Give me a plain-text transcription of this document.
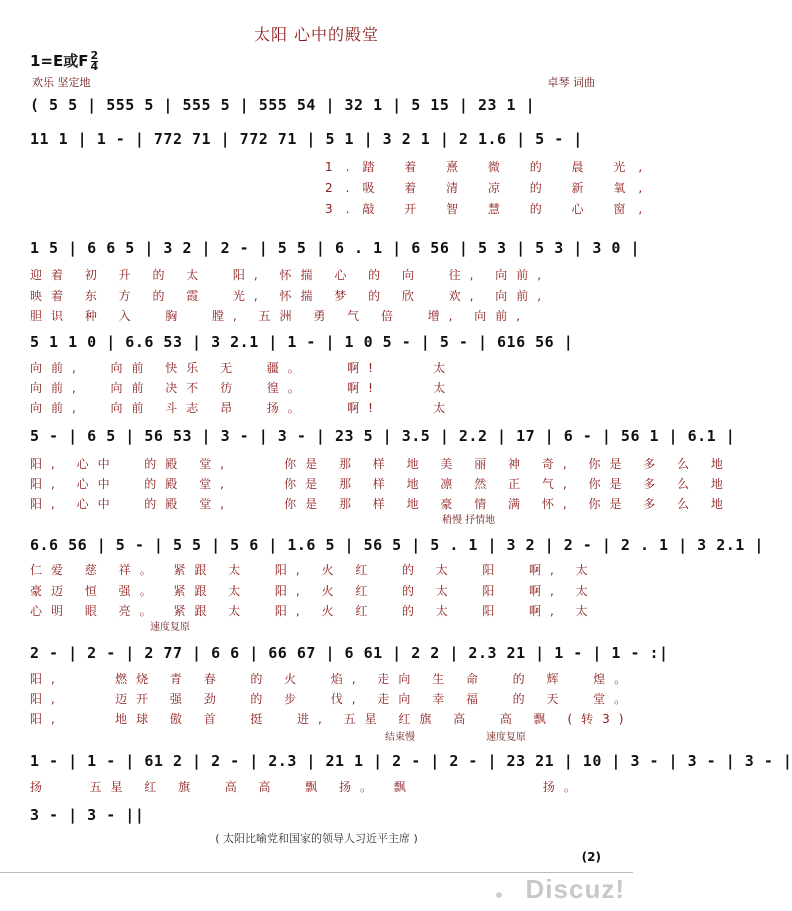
太阳 心中的殿堂
1=E或F $\frac{2}{4}$
欢乐 坚定地	卓琴 词曲
( 5 5 | 555 5 | 555 5 | 555 54 | 32 1 | 5 15 | 23 1 |
11 1 | 1 - | 772 71 | 772 71 | 5 1 | 3 2 1 | 2 1.6 | 5 - |
1.踏 着 熹 微 的 晨 光,
2.吸 着 清 凉 的 新 氧,
3.敲 开 智 慧 的 心 窗,
1 5 | 6 6 5 | 3 2 | 2 - | 5 5 | 6 . 1 | 6 56 | 5 3 | 5 3 | 3 0 |
迎着 初 升 的 太  阳, 怀揣 心 的 向  往, 向前,
映着 东 方 的 霞  光, 怀揣 梦 的 欣  欢, 向前,
胆识 种 入  胸  膛, 五洲 勇 气 倍  增, 向前,
5 1 1 0 | 6.6 53 | 3 2.1 | 1 - | 1 0 5 - | 5 - | 616 56 |
向前,  向前 快乐 无  疆。   啊!    太
向前,  向前 决不 彷  徨。   啊!    太
向前,  向前 斗志 昂  扬。   啊!    太
5 - | 6 5 | 56 53 | 3 - | 3 - | 23 5 | 3.5 | 2.2 | 17 | 6 - | 56 1 | 6.1 |
阳, 心中  的殿 堂,    你是 那 样 地 美 丽 神 奇, 你是 多 么 地
阳, 心中  的殿 堂,    你是 那 样 地 凛 然 正 气, 你是 多 么 地
阳, 心中  的殿 堂,    你是 那 样 地 豪 情 满 怀, 你是 多 么 地
稍慢 抒情地
6.6 56 | 5 - | 5 5 | 5 6 | 1.6 5 | 56 5 | 5 . 1 | 3 2 | 2 - | 2 . 1 | 3 2.1 |
仁爱 慈 祥。 紧跟 太  阳, 火 红  的 太  阳  啊, 太
豪迈 恒 强。 紧跟 太  阳, 火 红  的 太  阳  啊, 太
心明 眼 亮。 紧跟 太  阳, 火 红  的 太  阳  啊, 太
速度复原
2 - | 2 - | 2 77 | 6 6 | 66 67 | 6 61 | 2 2 | 2.3 21 | 1 - | 1 - :|
阳,    燃烧 青 春  的 火  焰, 走向 生 命  的 辉  煌。
阳,    迈开 强 劲  的 步  伐, 走向 幸 福  的 天  堂。
阳,    地球 傲 首  挺  进, 五星 红旗 高  高 飘 (转3)
结束慢	速度复原
1 - | 1 - | 61 2 | 2 - | 2.3 | 21 1 | 2 - | 2 - | 23 21 | 10 | 3 - | 3 - | 3 - |
扬   五星 红 旗  高 高  飘 扬。 飘          扬。
3 - | 3 - ||
( 太阳比喻党和国家的领导人习近平主席 )
(2)
Discuz!
